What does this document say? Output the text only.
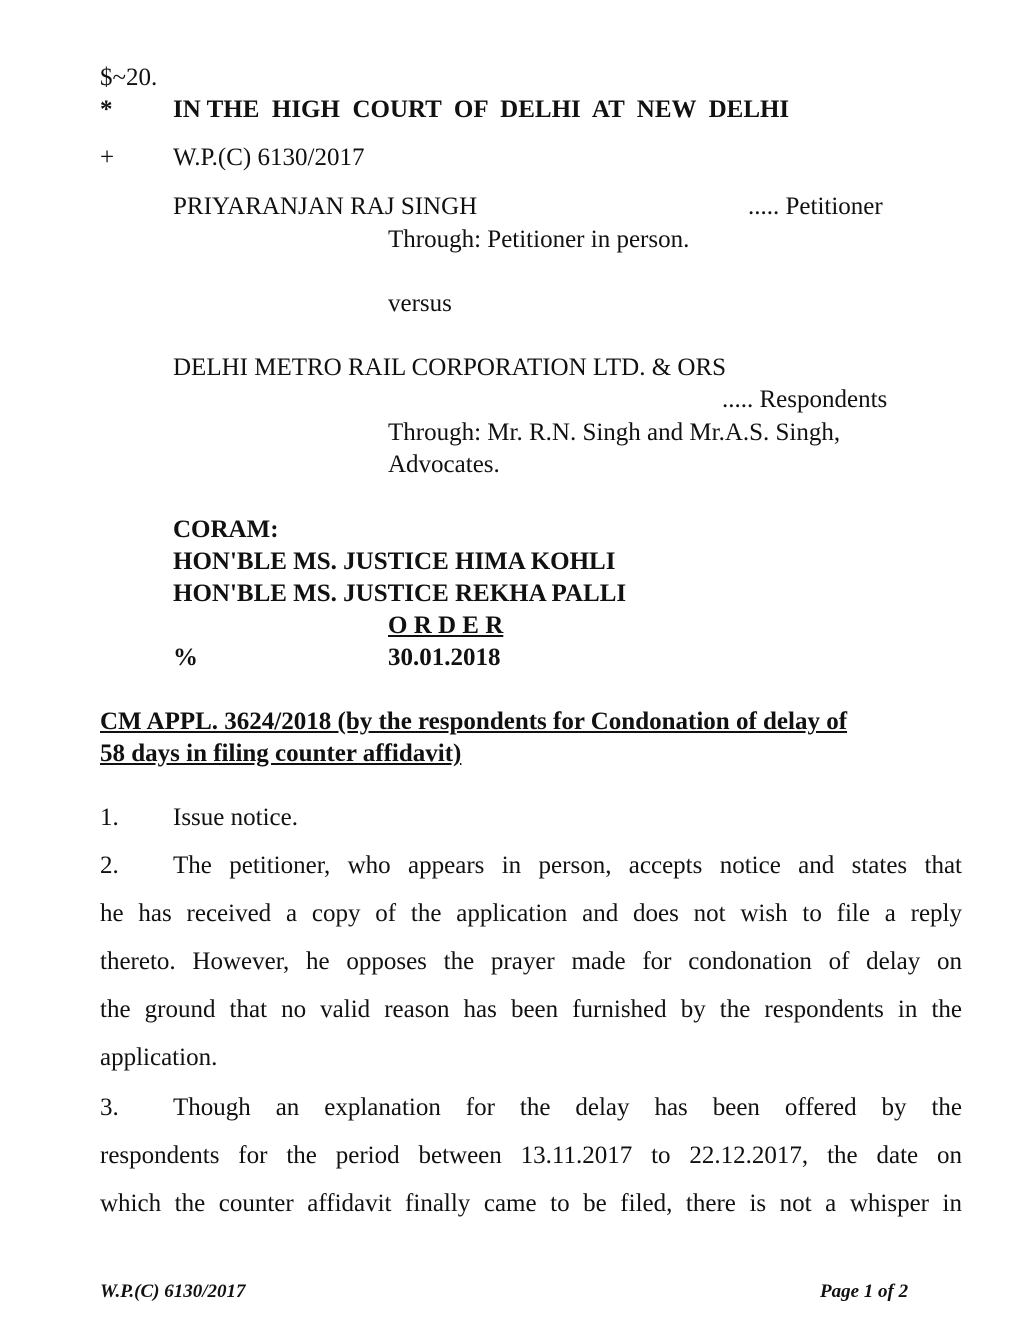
$~20.
* IN THE  HIGH  COURT  OF  DELHI  AT  NEW  DELHI
+ W.P.(C) 6130/2017
PRIYARANJAN RAJ SINGH	..... Petitioner
Through: Petitioner in person.
versus
DELHI METRO RAIL CORPORATION LTD. & ORS
..... Respondents
Through: Mr. R.N. Singh and Mr.A.S. Singh,
Advocates.
CORAM:
HON'BLE MS. JUSTICE HIMA KOHLI
HON'BLE MS. JUSTICE REKHA PALLI
O R D E R
%	30.01.2018
CM APPL. 3624/2018 (by the respondents for Condonation of delay of
58 days in filing counter affidavit)
1. Issue notice.
2. The petitioner, who appears in person, accepts notice and states that
he has received a copy of the application and does not wish to file a reply
thereto. However, he opposes the prayer made for condonation of delay on
the ground that no valid reason has been furnished by the respondents in the
application.
3. Though an explanation for the delay has been offered by the
respondents for the period between 13.11.2017 to 22.12.2017, the date on
which the counter affidavit finally came to be filed, there is not a whisper in
W.P.(C) 6130/2017	Page 1 of 2
